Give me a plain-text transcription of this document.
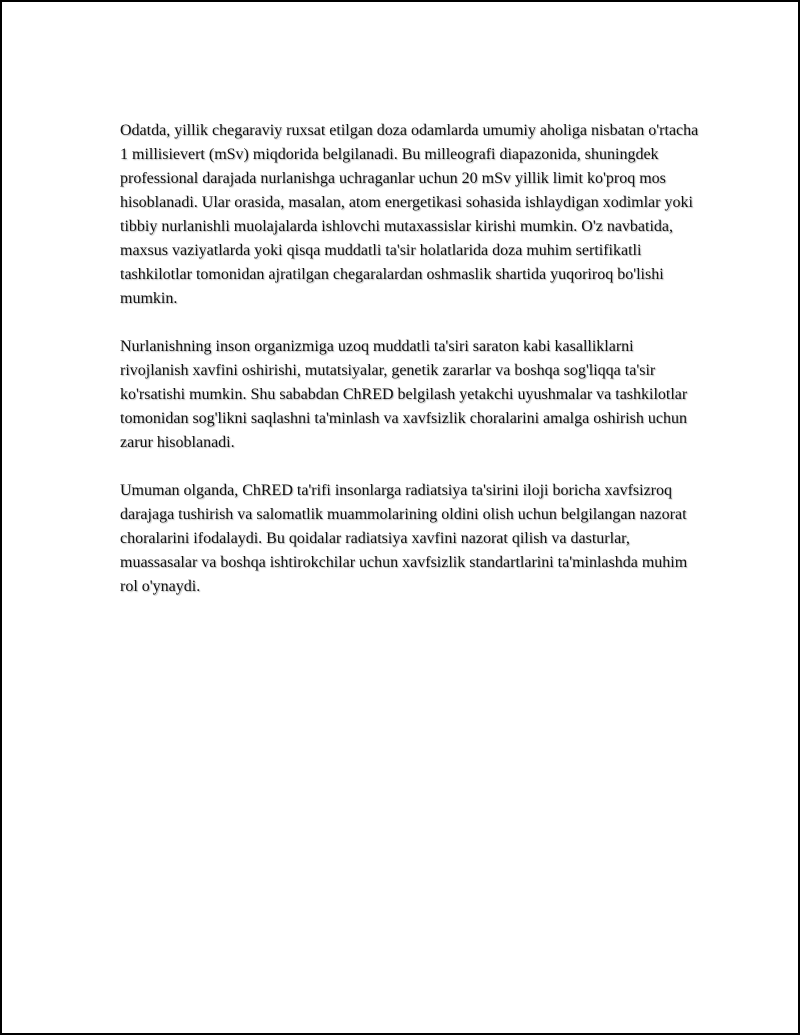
Odatda, yillik chegaraviy ruxsat etilgan doza odamlarda umumiy aholiga nisbatan o'rtacha 1 millisievert (mSv) miqdorida belgilanadi. Bu milleografi diapazonida, shuningdek professional darajada nurlanishga uchraganlar uchun 20 mSv yillik limit ko'proq mos hisoblanadi. Ular orasida, masalan, atom energetikasi sohasida ishlaydigan xodimlar yoki tibbiy nurlanishli muolajalarda ishlovchi mutaxassislar kirishi mumkin. O'z navbatida, maxsus vaziyatlarda yoki qisqa muddatli ta'sir holatlarida doza muhim sertifikatli tashkilotlar tomonidan ajratilgan chegaralardan oshmaslik shartida yuqoriroq bo'lishi mumkin.

Nurlanishning inson organizmiga uzoq muddatli ta'siri saraton kabi kasalliklarni rivojlanish xavfini oshirishi, mutatsiyalar, genetik zararlar va boshqa sog'liqqa ta'sir ko'rsatishi mumkin. Shu sababdan ChRED belgilash yetakchi uyushmalar va tashkilotlar tomonidan sog'likni saqlashni ta'minlash va xavfsizlik choralarini amalga oshirish uchun zarur hisoblanadi.

Umuman olganda, ChRED ta'rifi insonlarga radiatsiya ta'sirini iloji boricha xavfsizroq darajaga tushirish va salomatlik muammolarining oldini olish uchun belgilangan nazorat choralarini ifodalaydi. Bu qoidalar radiatsiya xavfini nazorat qilish va dasturlar, muassasalar va boshqa ishtirokchilar uchun xavfsizlik standartlarini ta'minlashda muhim rol o'ynaydi.
